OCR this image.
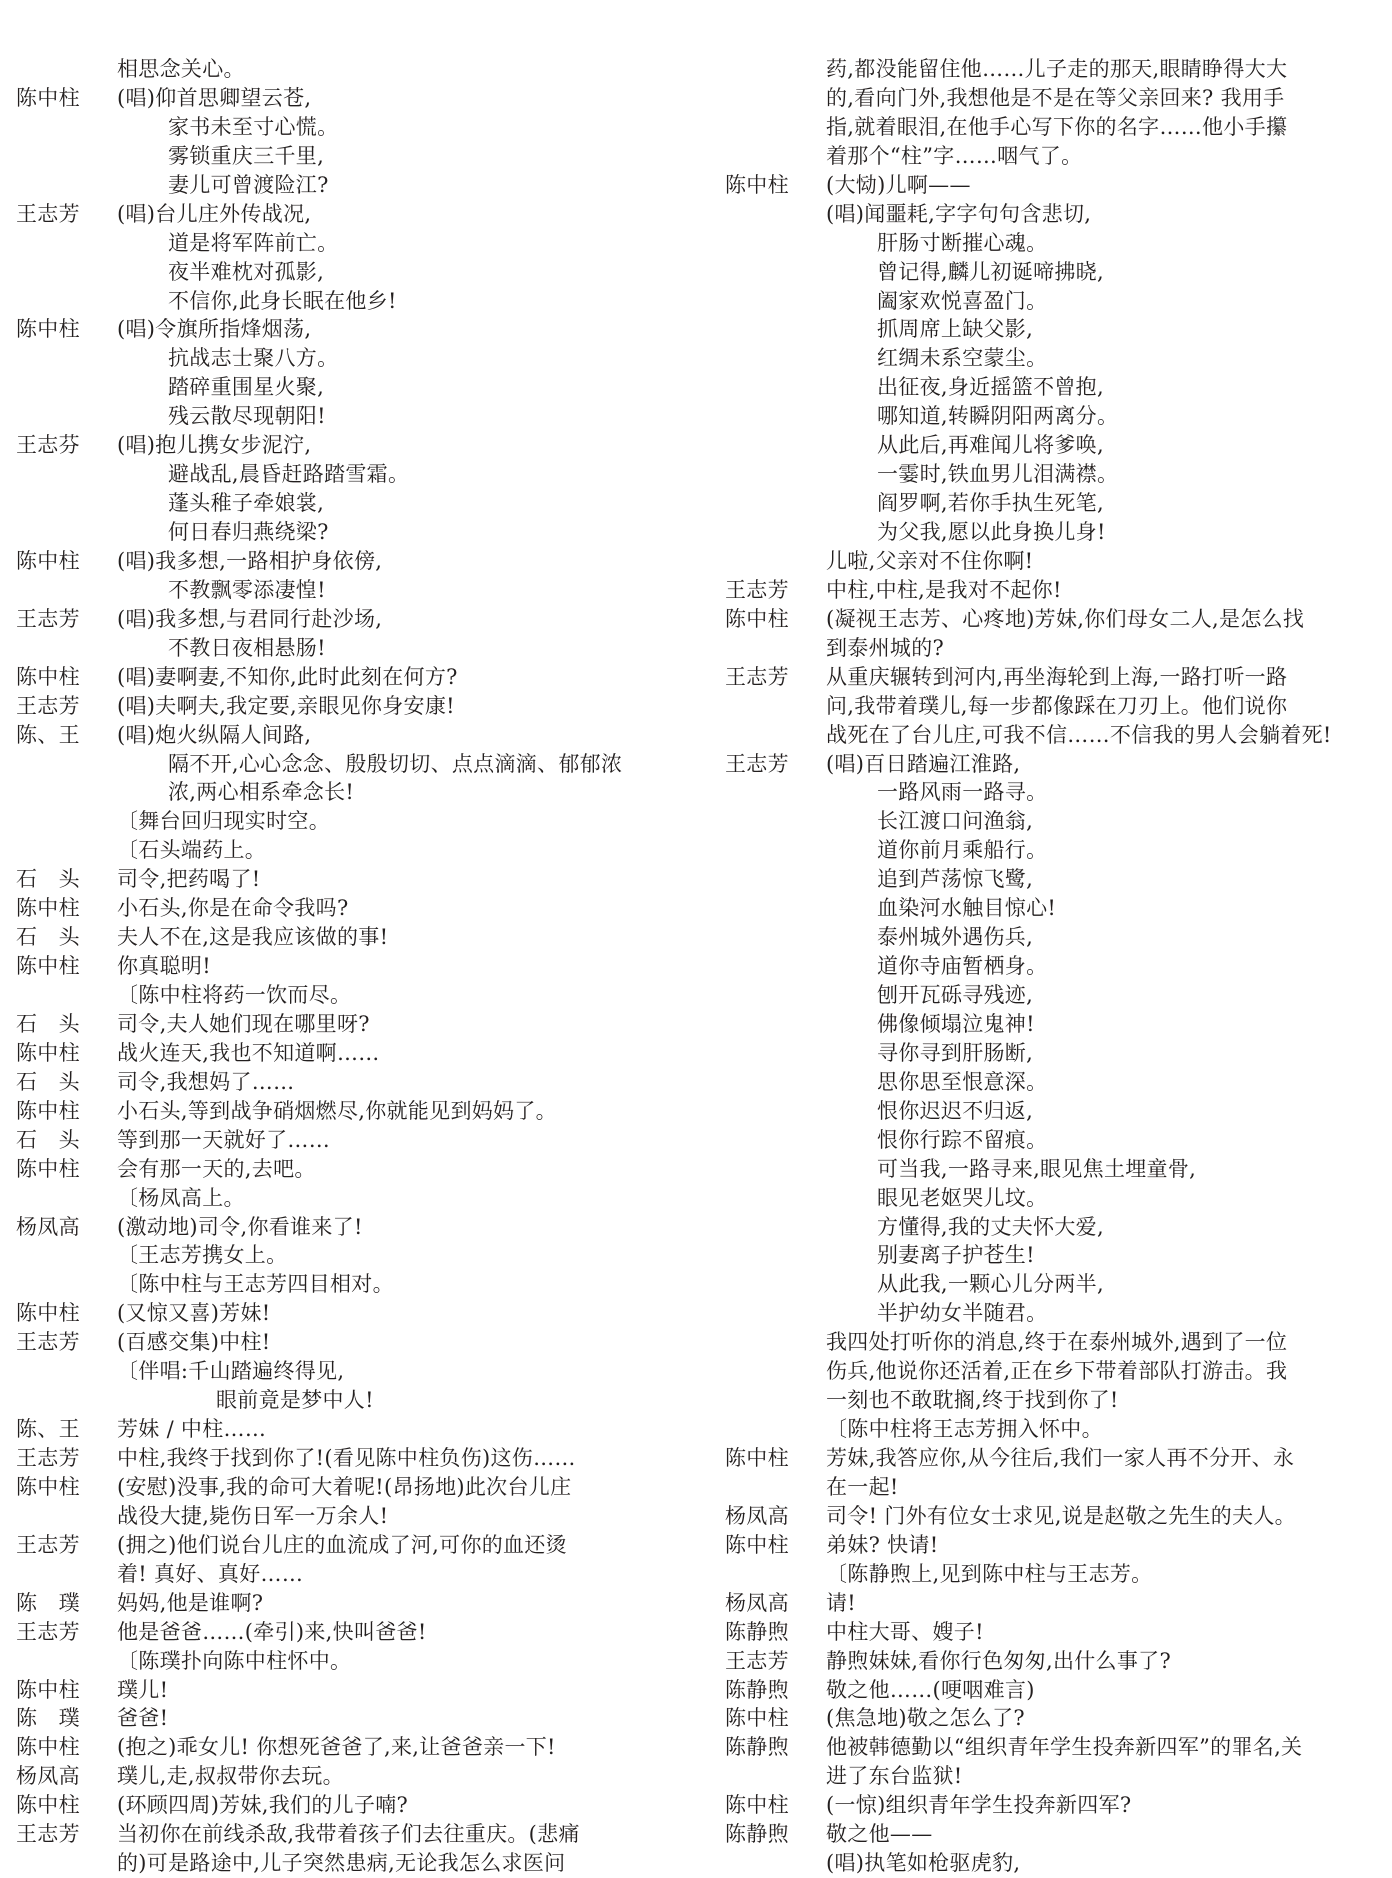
相思念关心。
陈中柱	(唱)仰首思卿望云苍,
家书未至寸心慌。
雾锁重庆三千里,
妻儿可曾渡险江?
王志芳	(唱)台儿庄外传战况,
道是将军阵前亡。
夜半难枕对孤影,
不信你,此身长眠在他乡!
陈中柱	(唱)令旗所指烽烟荡,
抗战志士聚八方。
踏碎重围星火聚,
残云散尽现朝阳!
王志芬	(唱)抱儿携女步泥泞,
避战乱,晨昏赶路踏雪霜。
蓬头稚子牵娘裳,
何日春归燕绕梁?
陈中柱	(唱)我多想,一路相护身依傍,
不教飘零添凄惶!
王志芳	(唱)我多想,与君同行赴沙场,
不教日夜相悬肠!
陈中柱	(唱)妻啊妻,不知你,此时此刻在何方?
王志芳	(唱)夫啊夫,我定要,亲眼见你身安康!
陈、王	(唱)炮火纵隔人间路,
隔不开,心心念念、殷殷切切、点点滴滴、郁郁浓
浓,两心相系牵念长!
〔舞台回归现实时空。
〔石头端药上。
石　头	司令,把药喝了!
陈中柱	小石头,你是在命令我吗?
石　头	夫人不在,这是我应该做的事!
陈中柱	你真聪明!
〔陈中柱将药一饮而尽。
石　头	司令,夫人她们现在哪里呀?
陈中柱	战火连天,我也不知道啊……
石　头	司令,我想妈了……
陈中柱	小石头,等到战争硝烟燃尽,你就能见到妈妈了。
石　头	等到那一天就好了……
陈中柱	会有那一天的,去吧。
〔杨凤高上。
杨凤高	(激动地)司令,你看谁来了!
〔王志芳携女上。
〔陈中柱与王志芳四目相对。
陈中柱	(又惊又喜)芳妹!
王志芳	(百感交集)中柱!
〔伴唱:千山踏遍终得见,
眼前竟是梦中人!
陈、王	芳妹 / 中柱……
王志芳	中柱,我终于找到你了!(看见陈中柱负伤)这伤……
陈中柱	(安慰)没事,我的命可大着呢!(昂扬地)此次台儿庄
战役大捷,毙伤日军一万余人!
王志芳	(拥之)他们说台儿庄的血流成了河,可你的血还烫
着! 真好、真好……
陈　璞	妈妈,他是谁啊?
王志芳	他是爸爸……(牵引)来,快叫爸爸!
〔陈璞扑向陈中柱怀中。
陈中柱	璞儿!
陈　璞	爸爸!
陈中柱	(抱之)乖女儿! 你想死爸爸了,来,让爸爸亲一下!
杨凤高	璞儿,走,叔叔带你去玩。
陈中柱	(环顾四周)芳妹,我们的儿子喃?
王志芳	当初你在前线杀敌,我带着孩子们去往重庆。(悲痛
的)可是路途中,儿子突然患病,无论我怎么求医问
药,都没能留住他……儿子走的那天,眼睛睁得大大
的,看向门外,我想他是不是在等父亲回来? 我用手
指,就着眼泪,在他手心写下你的名字……他小手攥
着那个“柱”字……咽气了。
陈中柱	(大恸)儿啊——
(唱)闻噩耗,字字句句含悲切,
肝肠寸断摧心魂。
曾记得,麟儿初诞啼拂晓,
阖家欢悦喜盈门。
抓周席上缺父影,
红绸未系空蒙尘。
出征夜,身近摇篮不曾抱,
哪知道,转瞬阴阳两离分。
从此后,再难闻儿将爹唤,
一霎时,铁血男儿泪满襟。
阎罗啊,若你手执生死笔,
为父我,愿以此身换儿身!
儿啦,父亲对不住你啊!
王志芳	中柱,中柱,是我对不起你!
陈中柱	(凝视王志芳、心疼地)芳妹,你们母女二人,是怎么找
到泰州城的?
王志芳	从重庆辗转到河内,再坐海轮到上海,一路打听一路
问,我带着璞儿,每一步都像踩在刀刃上。他们说你
战死在了台儿庄,可我不信……不信我的男人会躺着死!
王志芳	(唱)百日踏遍江淮路,
一路风雨一路寻。
长江渡口问渔翁,
道你前月乘船行。
追到芦荡惊飞鹭,
血染河水触目惊心!
泰州城外遇伤兵,
道你寺庙暂栖身。
刨开瓦砾寻残迹,
佛像倾塌泣鬼神!
寻你寻到肝肠断,
思你思至恨意深。
恨你迟迟不归返,
恨你行踪不留痕。
可当我,一路寻来,眼见焦土埋童骨,
眼见老妪哭儿坟。
方懂得,我的丈夫怀大爱,
别妻离子护苍生!
从此我,一颗心儿分两半,
半护幼女半随君。
我四处打听你的消息,终于在泰州城外,遇到了一位
伤兵,他说你还活着,正在乡下带着部队打游击。我
一刻也不敢耽搁,终于找到你了!
〔陈中柱将王志芳拥入怀中。
陈中柱	芳妹,我答应你,从今往后,我们一家人再不分开、永
在一起!
杨凤高	司令! 门外有位女士求见,说是赵敬之先生的夫人。
陈中柱	弟妹? 快请!
〔陈静煦上,见到陈中柱与王志芳。
杨凤高	请!
陈静煦	中柱大哥、嫂子!
王志芳	静煦妹妹,看你行色匆匆,出什么事了?
陈静煦	敬之他……(哽咽难言)
陈中柱	(焦急地)敬之怎么了?
陈静煦	他被韩德勤以“组织青年学生投奔新四军”的罪名,关
进了东台监狱!
陈中柱	(一惊)组织青年学生投奔新四军?
陈静煦	敬之他——
(唱)执笔如枪驱虎豹,
